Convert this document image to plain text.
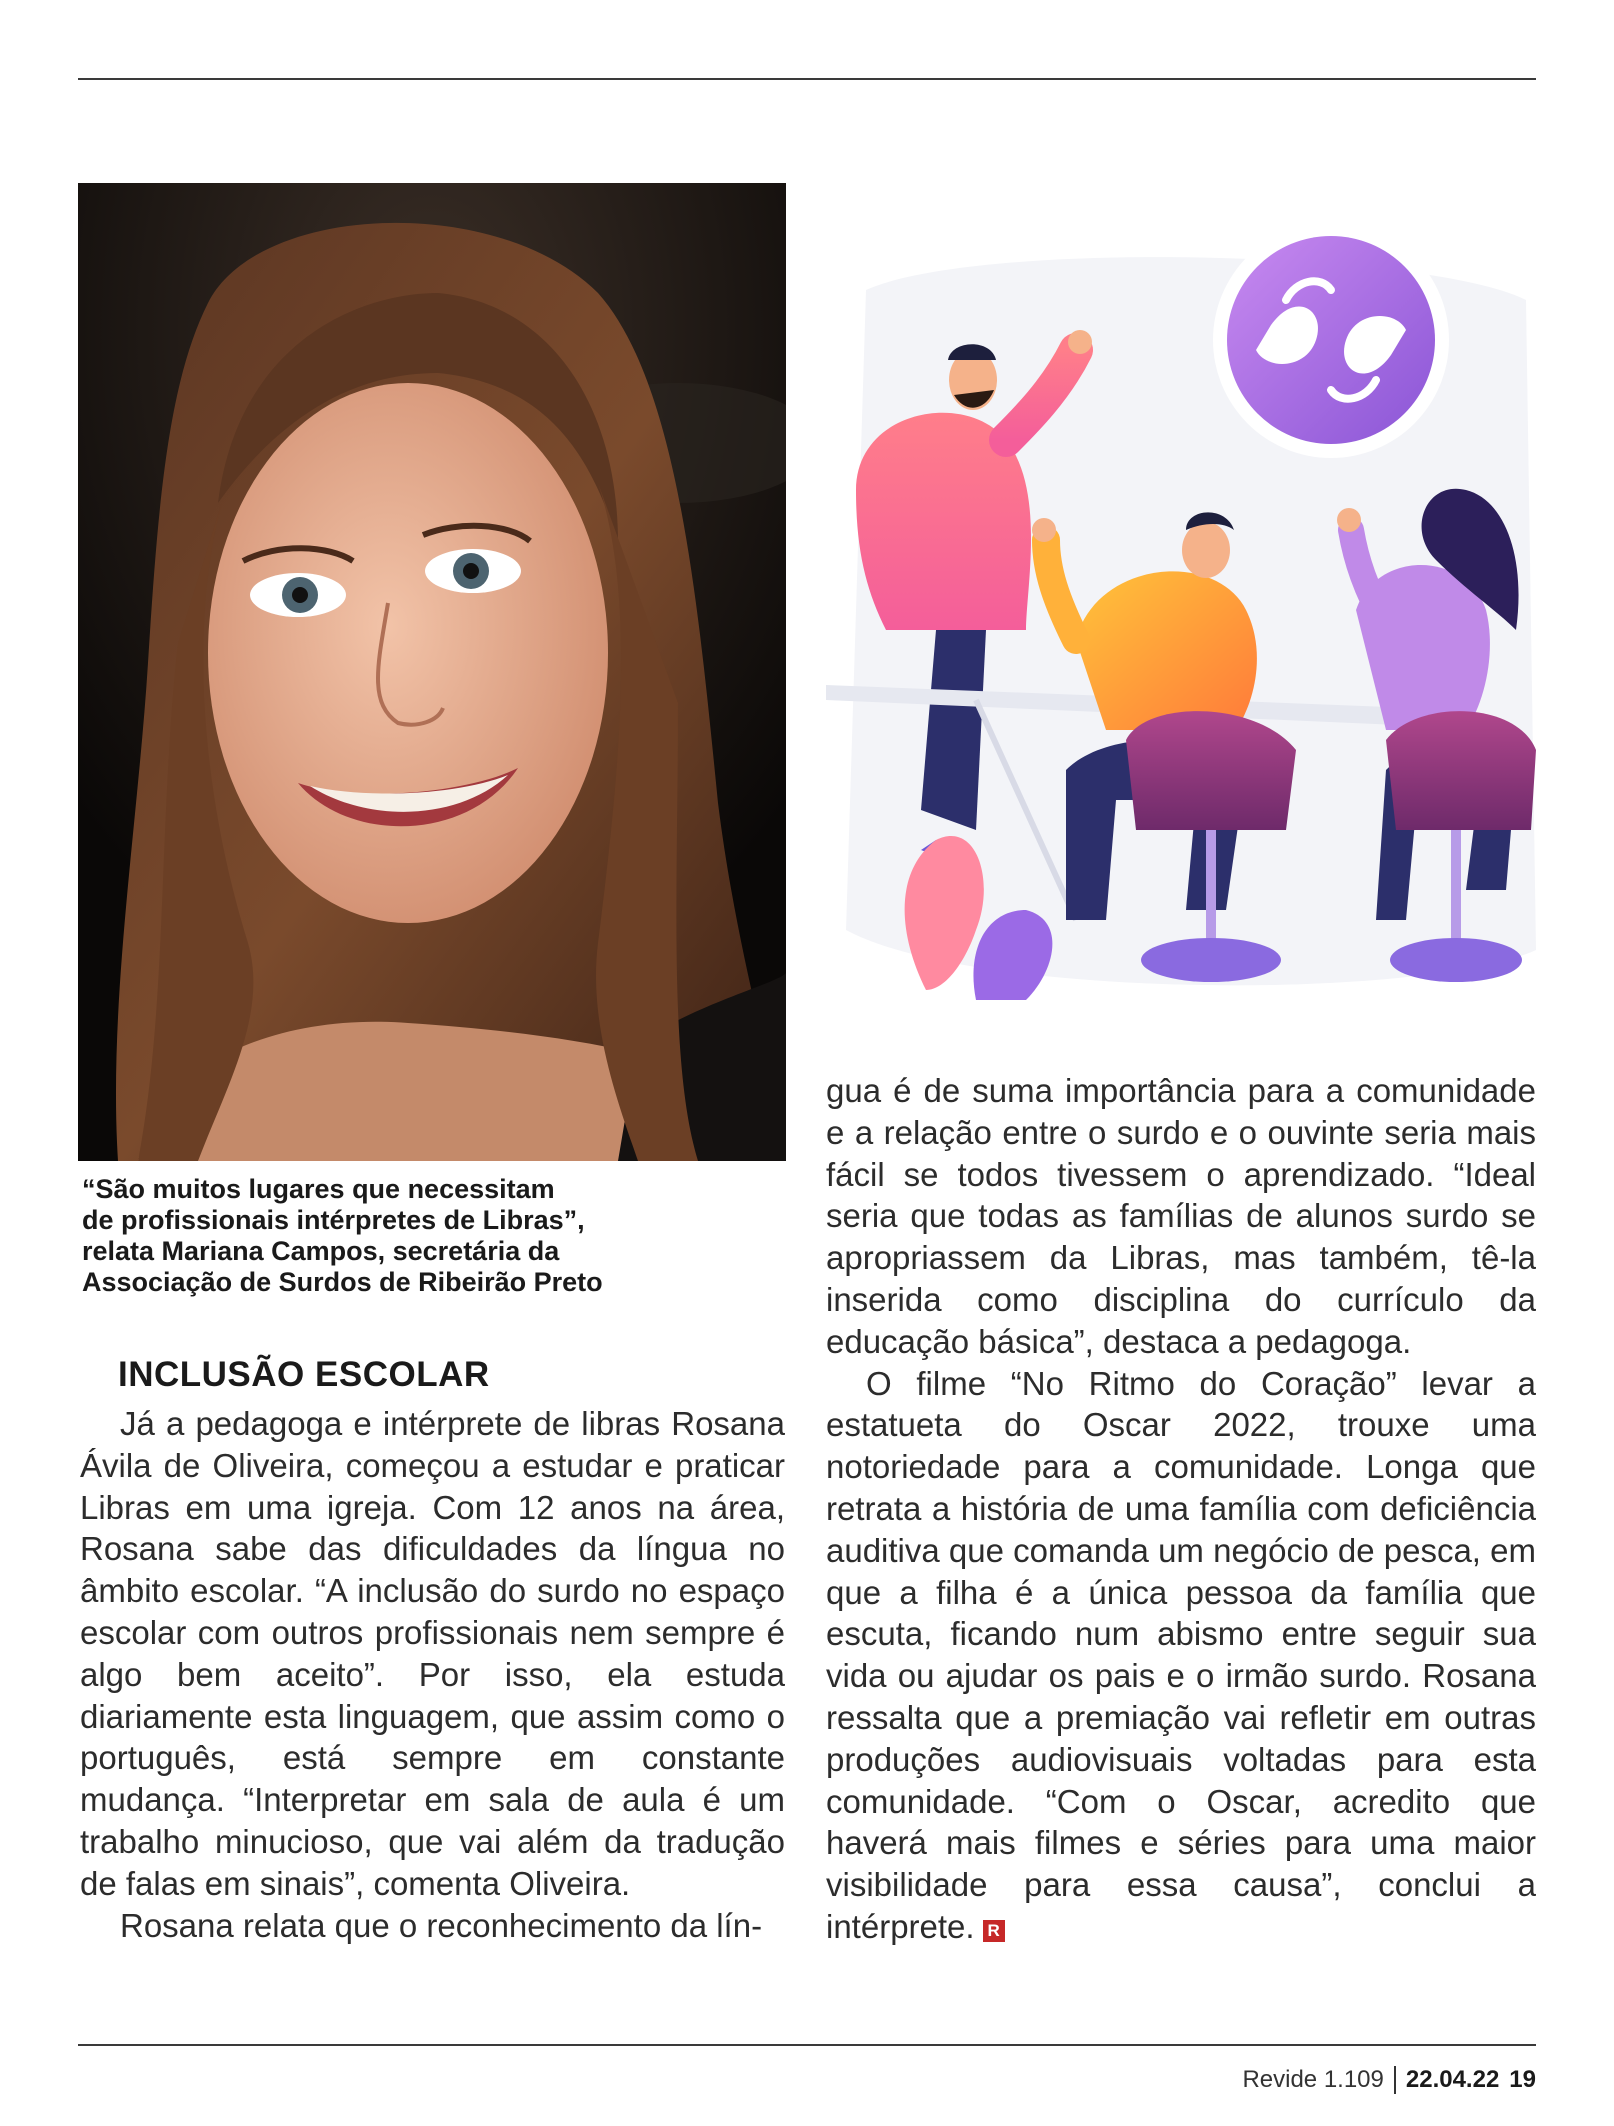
“São muitos lugares que necessitam
de profissionais intérpretes de Libras”,
relata Mariana Campos, secretária da
Associação de Surdos de Ribeirão Preto
INCLUSÃO ESCOLAR

Já a pedagoga e intérprete de libras Rosana Ávila de Oliveira, começou a estudar e praticar Libras em uma igreja. Com 12 anos na área, Rosana sabe das dificuldades da língua no âmbito escolar. “A inclusão do surdo no espaço escolar com outros profissionais nem sempre é algo bem aceito”. Por isso, ela estuda diariamente esta linguagem, que assim como o português, está sempre em constante mudança. “Interpretar em sala de aula é um trabalho minucioso, que vai além da tradução de falas em sinais”, comenta Oliveira.

Rosana relata que o reconhecimento da lín-

gua é de suma importância para a comunidade e a relação entre o surdo e o ouvinte seria mais fácil se todos tivessem o aprendizado. “Ideal seria que todas as famílias de alunos surdo se apropriassem da Libras, mas também, tê-la inserida como disciplina do currículo da educação básica”, destaca a pedagoga.

O filme “No Ritmo do Coração” levar a estatueta do Oscar 2022, trouxe uma notoriedade para a comunidade. Longa que retrata a história de uma família com deficiência auditiva que comanda um negócio de pesca, em que a filha é a única pessoa da família que escuta, ficando num abismo entre seguir sua vida ou ajudar os pais e o irmão surdo. Rosana ressalta que a premiação vai refletir em outras produções audiovisuais voltadas para esta comunidade. “Com o Oscar, acredito que haverá mais filmes e séries para uma maior visibilidade para essa causa”, conclui a intérprete. R

Revide 1.109 22.04.22 19
